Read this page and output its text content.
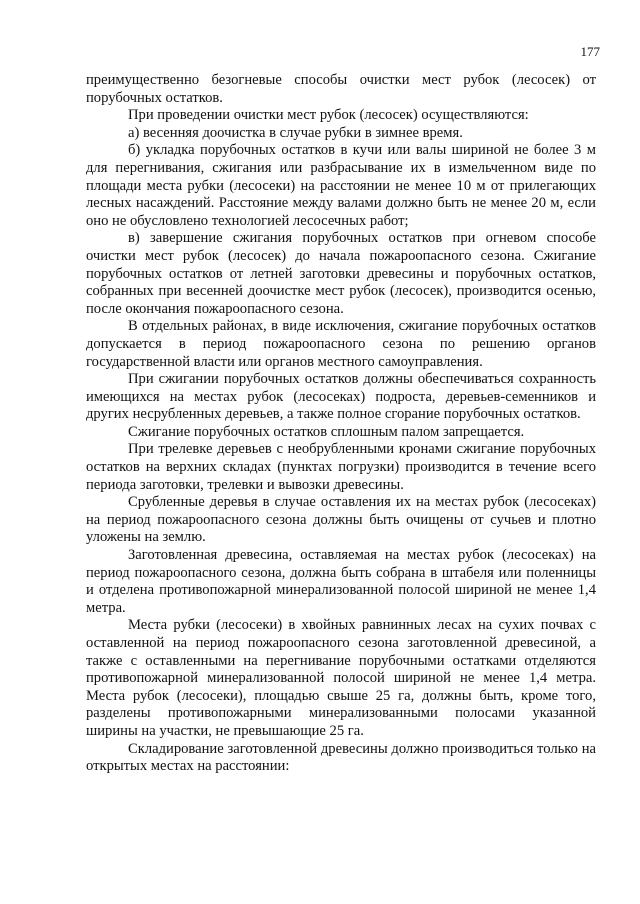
177

преимущественно безогневые способы очистки мест рубок (лесосек) от порубочных остатков.

При проведении очистки мест рубок (лесосек) осуществляются:

а) весенняя доочистка в случае рубки в зимнее время.

б) укладка порубочных остатков в кучи или валы шириной не более 3 м для перегнивания, сжигания или разбрасывание их в измельченном виде по площади места рубки (лесосеки) на расстоянии не менее 10 м от прилегающих лесных насаждений. Расстояние между валами должно быть не менее 20 м, если оно не обусловлено технологией лесосечных работ;

в) завершение сжигания порубочных остатков при огневом способе очистки мест рубок (лесосек) до начала пожароопасного сезона. Сжигание порубочных остатков от летней заготовки древесины и порубочных остатков, собранных при весенней доочистке мест рубок (лесосек), производится осенью, после окончания пожароопасного сезона.

В отдельных районах, в виде исключения, сжигание порубочных остатков допускается в период пожароопасного сезона по решению органов государственной власти или органов местного самоуправления.

При сжигании порубочных остатков должны обеспечиваться сохранность имеющихся на местах рубок (лесосеках) подроста, деревьев-семенников и других несрубленных деревьев, а также полное сгорание порубочных остатков.

Сжигание порубочных остатков сплошным палом запрещается.

При трелевке деревьев с необрубленными кронами сжигание порубочных остатков на верхних складах (пунктах погрузки) производится в течение всего периода заготовки, трелевки и вывозки древесины.

Срубленные деревья в случае оставления их на местах рубок (лесосеках) на период пожароопасного сезона должны быть очищены от сучьев и плотно уложены на землю.

Заготовленная древесина, оставляемая на местах рубок (лесосеках) на период пожароопасного сезона, должна быть собрана в штабеля или поленницы и отделена противопожарной минерализованной полосой шириной не менее 1,4 метра.

Места рубки (лесосеки) в хвойных равнинных лесах на сухих почвах с оставленной на период пожароопасного сезона заготовленной древесиной, а также с оставленными на перегнивание порубочными остатками отделяются противопожарной минерализованной полосой шириной не менее 1,4 метра. Места рубок (лесосеки), площадью свыше 25 га, должны быть, кроме того, разделены противопожарными минерализованными полосами указанной ширины на участки, не превышающие 25 га.

Складирование заготовленной древесины должно производиться только на открытых местах на расстоянии:
